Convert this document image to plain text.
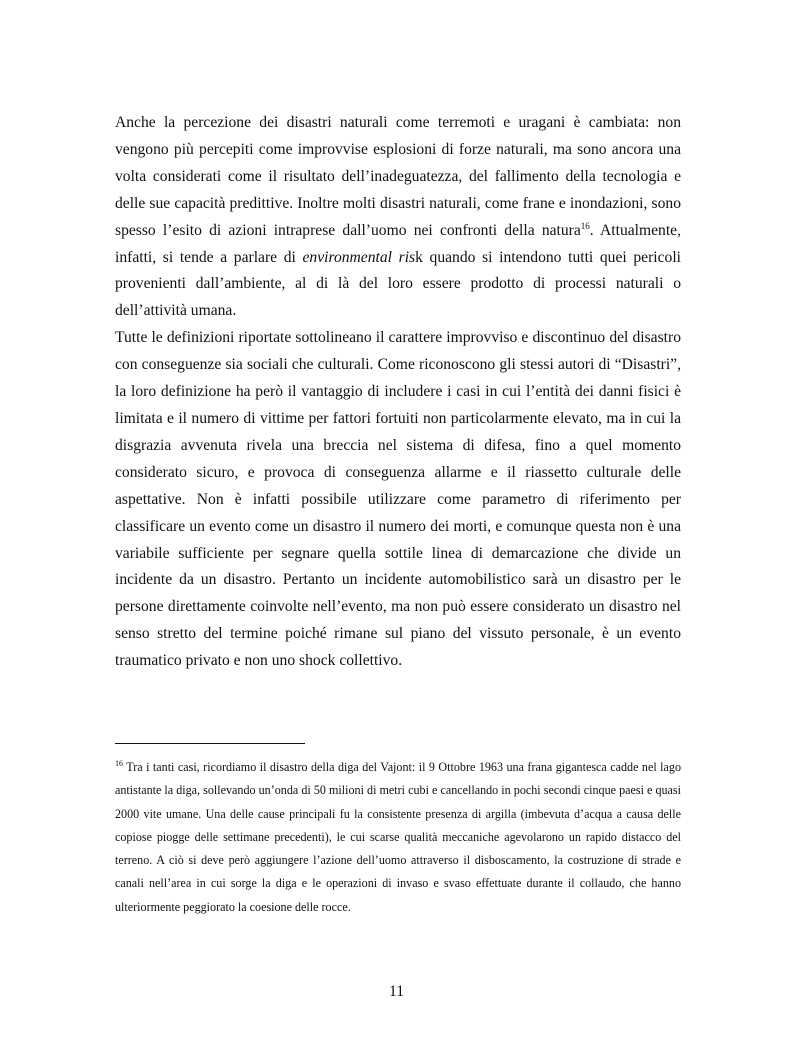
Anche la percezione dei disastri naturali come terremoti e uragani è cambiata: non vengono più percepiti come improvvise esplosioni di forze naturali, ma sono ancora una volta considerati come il risultato dell’inadeguatezza, del fallimento della tecnologia e delle sue capacità predittive. Inoltre molti disastri naturali, come frane e inondazioni, sono spesso l’esito di azioni intraprese dall’uomo nei confronti della natura$^{16}$. Attualmente, infatti, si tende a parlare di environmental risk quando si intendono tutti quei pericoli provenienti dall’ambiente, al di là del loro essere prodotto di processi naturali o dell’attività umana.

Tutte le definizioni riportate sottolineano il carattere improvviso e discontinuo del disastro con conseguenze sia sociali che culturali. Come riconoscono gli stessi autori di “Disastri”, la loro definizione ha però il vantaggio di includere i casi in cui l’entità dei danni fisici è limitata e il numero di vittime per fattori fortuiti non particolarmente elevato, ma in cui la disgrazia avvenuta rivela una breccia nel sistema di difesa, fino a quel momento considerato sicuro, e provoca di conseguenza allarme e il riassetto culturale delle aspettative. Non è infatti possibile utilizzare come parametro di riferimento per classificare un evento come un disastro il numero dei morti, e comunque questa non è una variabile sufficiente per segnare quella sottile linea di demarcazione che divide un incidente da un disastro. Pertanto un incidente automobilistico sarà un disastro per le persone direttamente coinvolte nell’evento, ma non può essere considerato un disastro nel senso stretto del termine poiché rimane sul piano del vissuto personale, è un evento traumatico privato e non uno shock collettivo.

$^{16}$ Tra i tanti casi, ricordiamo il disastro della diga del Vajont: il 9 Ottobre 1963 una frana gigantesca cadde nel lago antistante la diga, sollevando un’onda di 50 milioni di metri cubi e cancellando in pochi secondi cinque paesi e quasi 2000 vite umane. Una delle cause principali fu la consistente presenza di argilla (imbevuta d’acqua a causa delle copiose piogge delle settimane precedenti), le cui scarse qualità meccaniche agevolarono un rapido distacco del terreno. A ciò si deve però aggiungere l’azione dell’uomo attraverso il disboscamento, la costruzione di strade e canali nell’area in cui sorge la diga e le operazioni di invaso e svaso effettuate durante il collaudo, che hanno ulteriormente peggiorato la coesione delle rocce.

11
